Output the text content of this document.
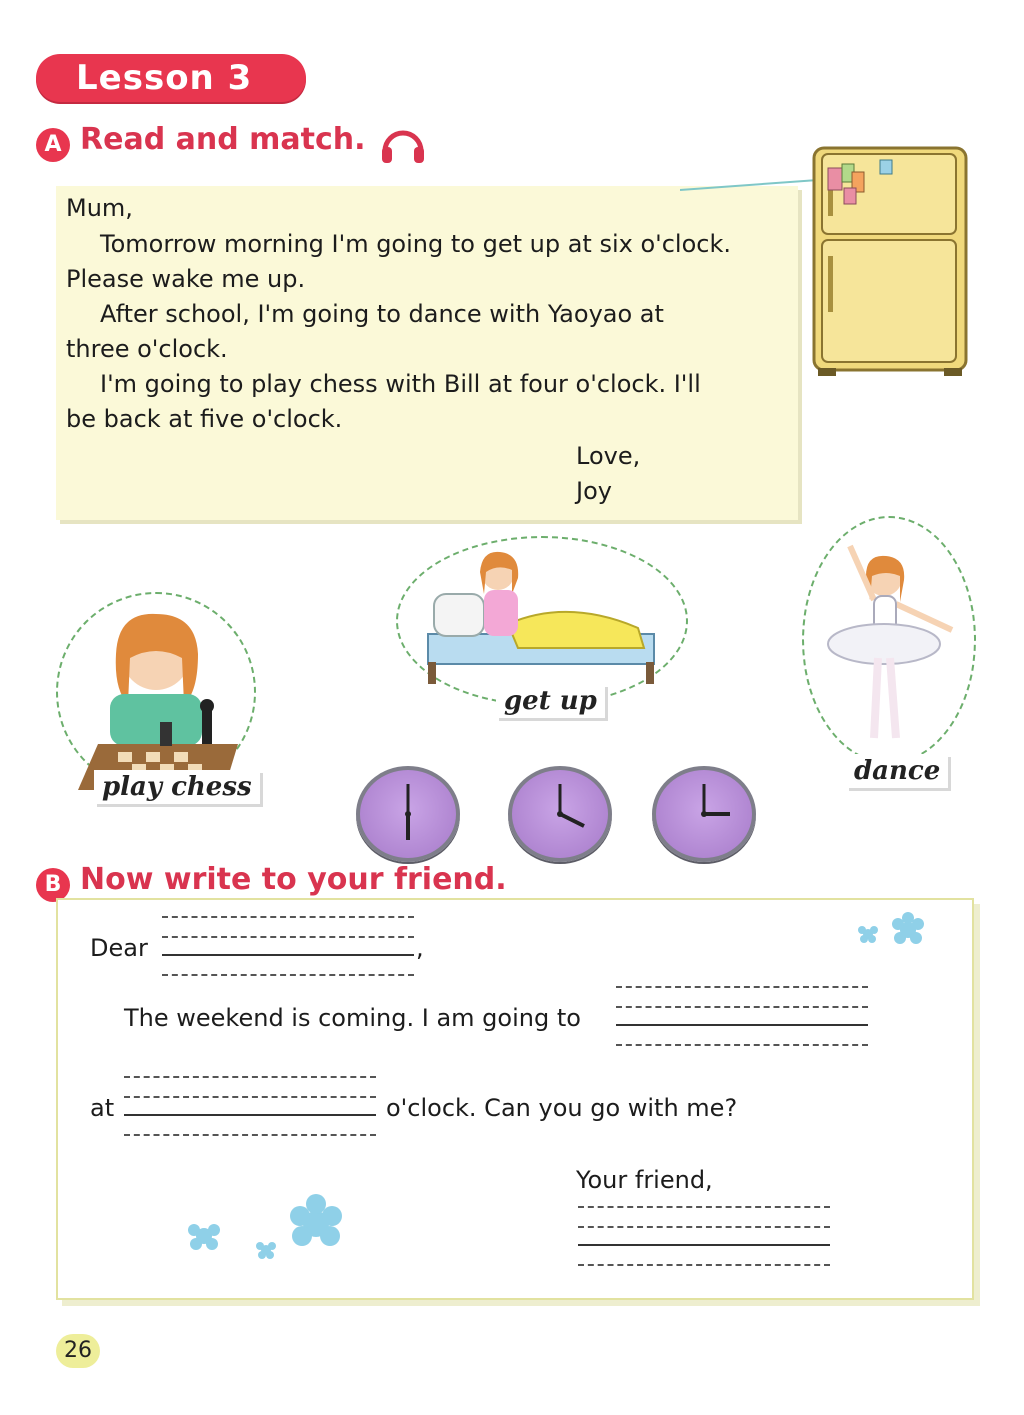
Lesson 3
A Read and match.
Mum,
Tomorrow morning I'm going to get up at six o'clock.
Please wake me up.
After school, I'm going to dance with Yaoyao at
three o'clock.
I'm going to play chess with Bill at four o'clock. I'll
be back at five o'clock.
Love,
Joy
play chess
get up
dance
B Now write to your friend.
Dear	,
The weekend is coming. I am going to
at	o'clock. Can you go with me?
Your friend,
26
